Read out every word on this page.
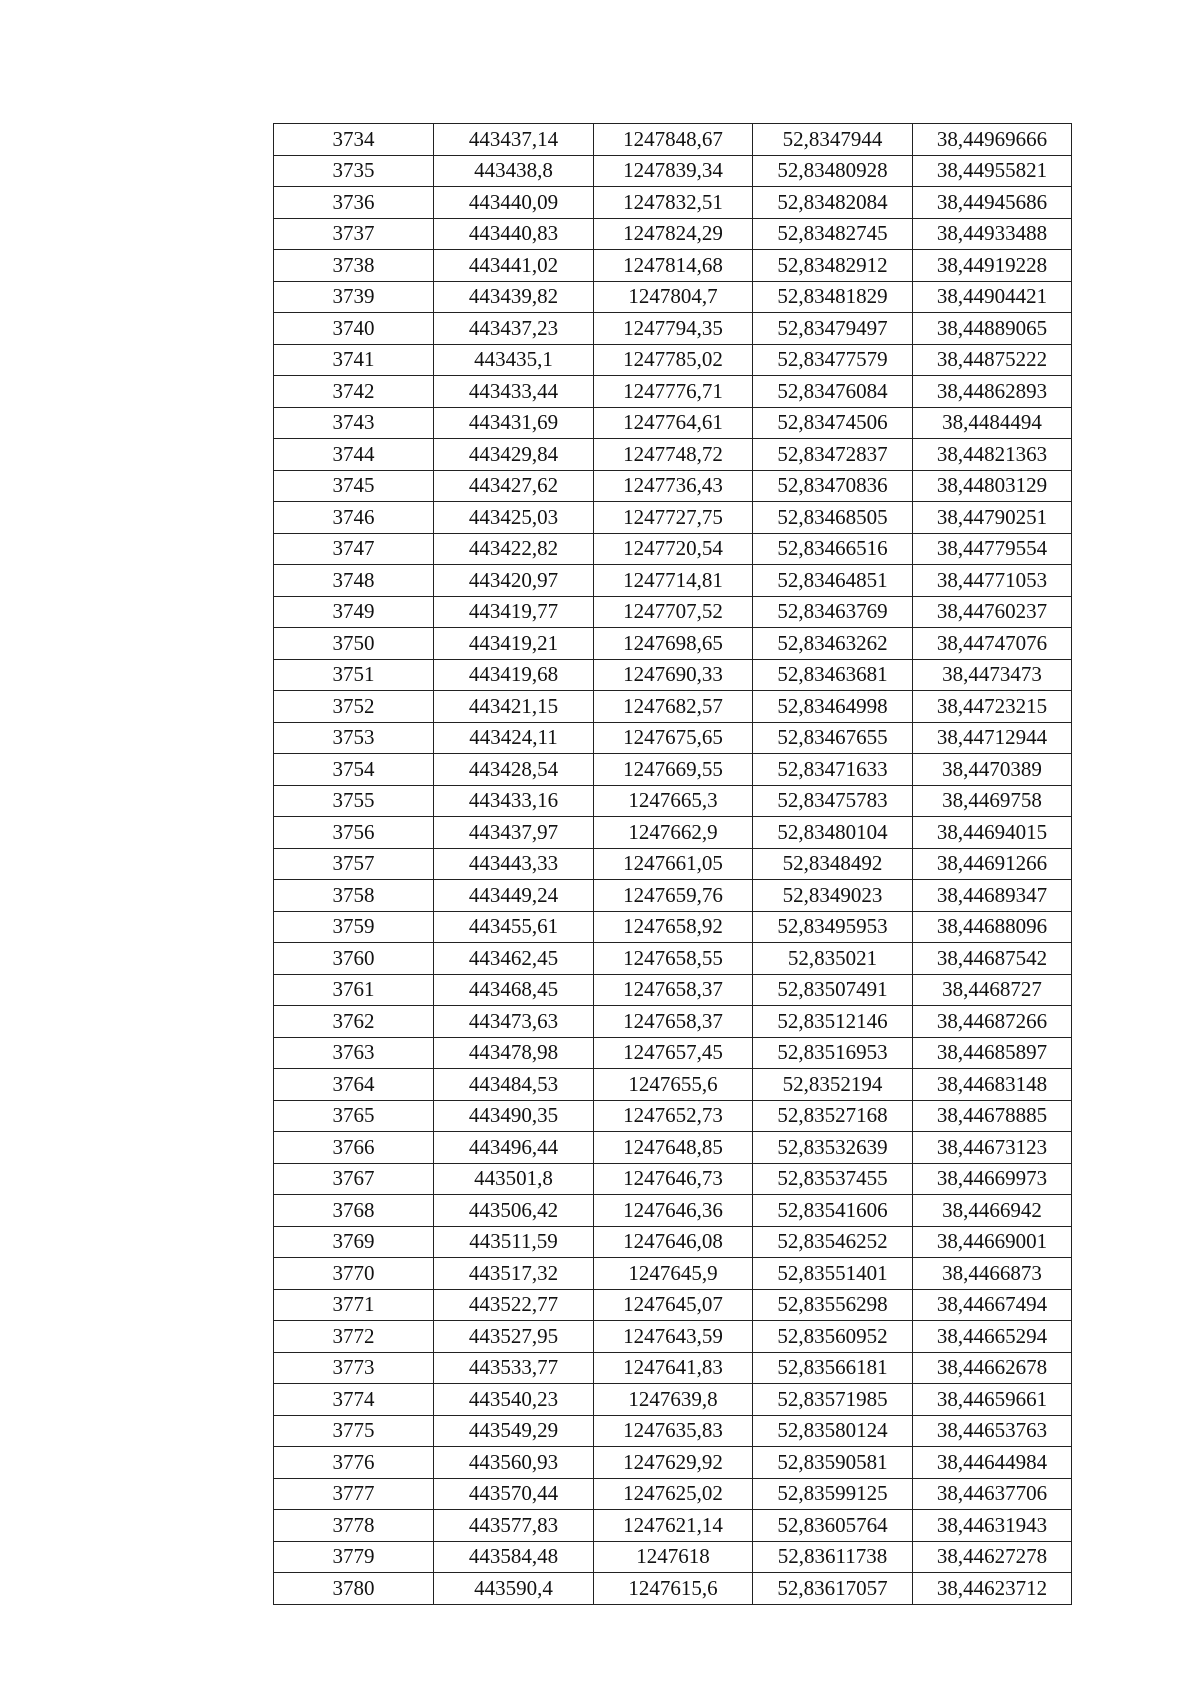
3734	443437,14	1247848,67	52,8347944	38,44969666
3735	443438,8	1247839,34	52,83480928	38,44955821
3736	443440,09	1247832,51	52,83482084	38,44945686
3737	443440,83	1247824,29	52,83482745	38,44933488
3738	443441,02	1247814,68	52,83482912	38,44919228
3739	443439,82	1247804,7	52,83481829	38,44904421
3740	443437,23	1247794,35	52,83479497	38,44889065
3741	443435,1	1247785,02	52,83477579	38,44875222
3742	443433,44	1247776,71	52,83476084	38,44862893
3743	443431,69	1247764,61	52,83474506	38,4484494
3744	443429,84	1247748,72	52,83472837	38,44821363
3745	443427,62	1247736,43	52,83470836	38,44803129
3746	443425,03	1247727,75	52,83468505	38,44790251
3747	443422,82	1247720,54	52,83466516	38,44779554
3748	443420,97	1247714,81	52,83464851	38,44771053
3749	443419,77	1247707,52	52,83463769	38,44760237
3750	443419,21	1247698,65	52,83463262	38,44747076
3751	443419,68	1247690,33	52,83463681	38,4473473
3752	443421,15	1247682,57	52,83464998	38,44723215
3753	443424,11	1247675,65	52,83467655	38,44712944
3754	443428,54	1247669,55	52,83471633	38,4470389
3755	443433,16	1247665,3	52,83475783	38,4469758
3756	443437,97	1247662,9	52,83480104	38,44694015
3757	443443,33	1247661,05	52,8348492	38,44691266
3758	443449,24	1247659,76	52,8349023	38,44689347
3759	443455,61	1247658,92	52,83495953	38,44688096
3760	443462,45	1247658,55	52,835021	38,44687542
3761	443468,45	1247658,37	52,83507491	38,4468727
3762	443473,63	1247658,37	52,83512146	38,44687266
3763	443478,98	1247657,45	52,83516953	38,44685897
3764	443484,53	1247655,6	52,8352194	38,44683148
3765	443490,35	1247652,73	52,83527168	38,44678885
3766	443496,44	1247648,85	52,83532639	38,44673123
3767	443501,8	1247646,73	52,83537455	38,44669973
3768	443506,42	1247646,36	52,83541606	38,4466942
3769	443511,59	1247646,08	52,83546252	38,44669001
3770	443517,32	1247645,9	52,83551401	38,4466873
3771	443522,77	1247645,07	52,83556298	38,44667494
3772	443527,95	1247643,59	52,83560952	38,44665294
3773	443533,77	1247641,83	52,83566181	38,44662678
3774	443540,23	1247639,8	52,83571985	38,44659661
3775	443549,29	1247635,83	52,83580124	38,44653763
3776	443560,93	1247629,92	52,83590581	38,44644984
3777	443570,44	1247625,02	52,83599125	38,44637706
3778	443577,83	1247621,14	52,83605764	38,44631943
3779	443584,48	1247618	52,83611738	38,44627278
3780	443590,4	1247615,6	52,83617057	38,44623712
